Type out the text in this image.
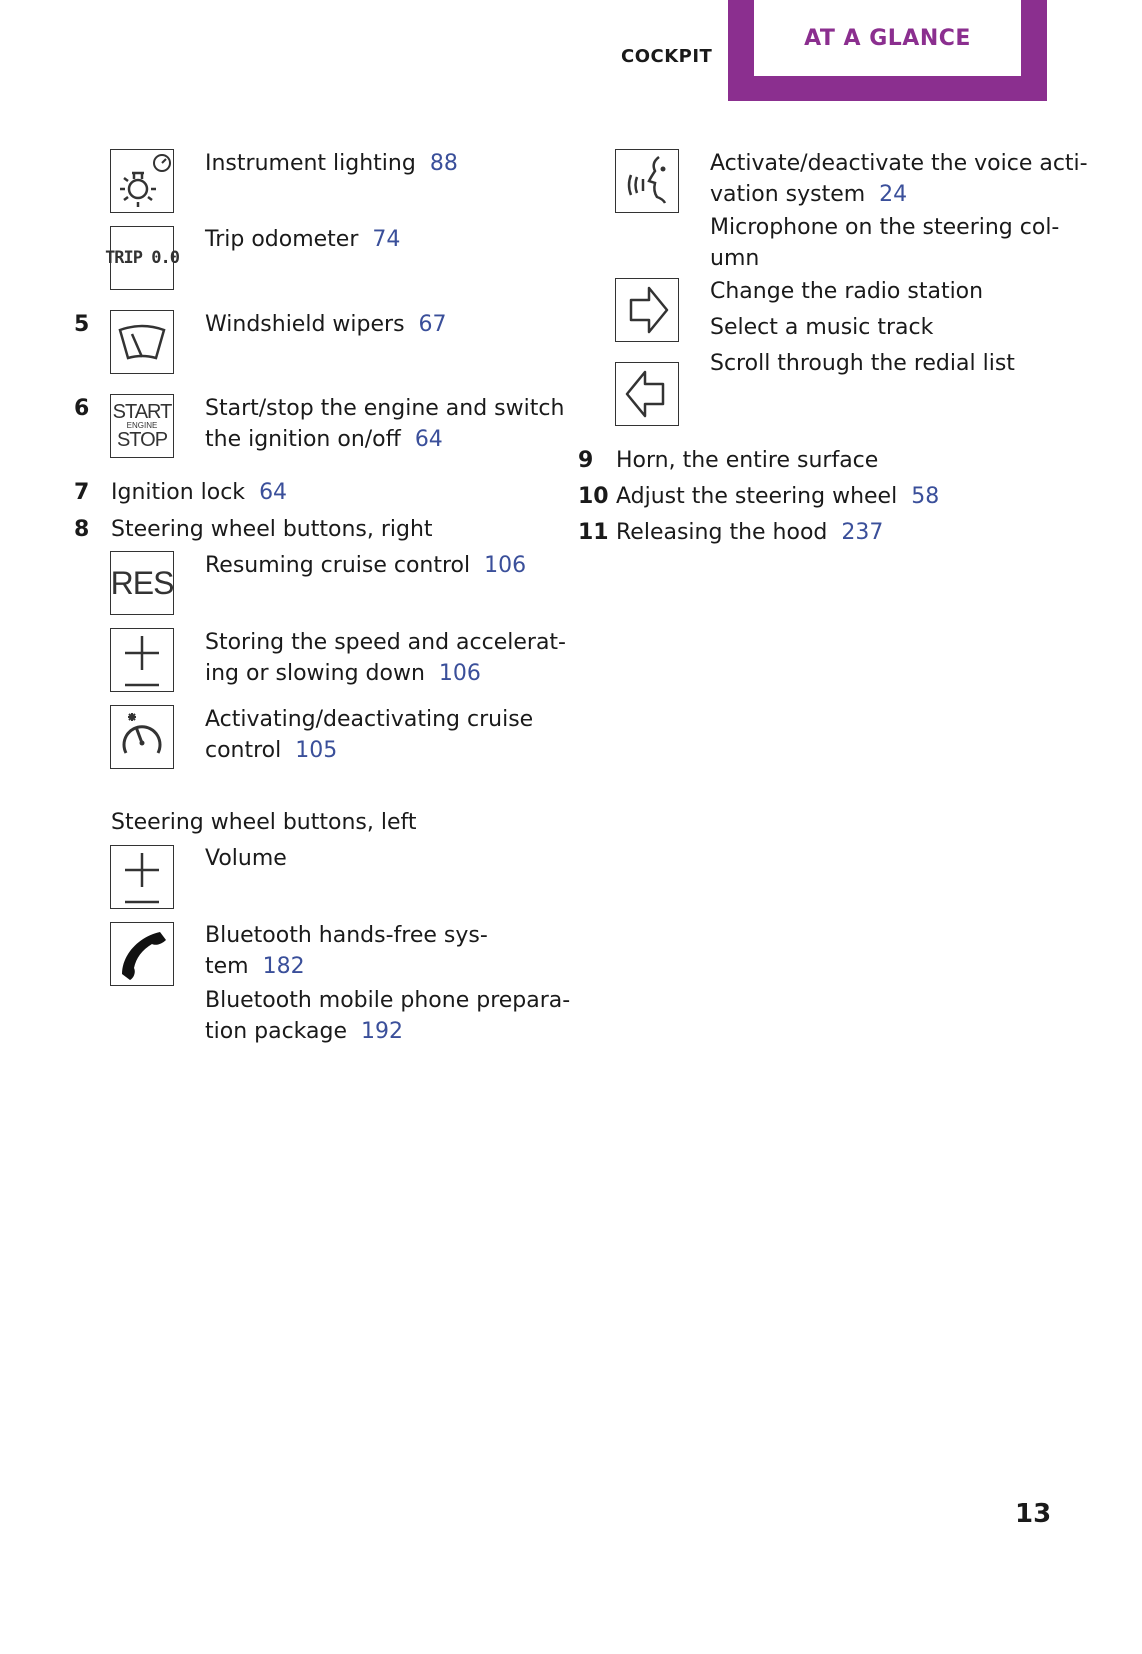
COCKPIT
AT A GLANCE
Instrument lighting 88
TRIP 0.0
Trip odometer 74
5	Windshield wipers 67
6 START
ENGINE
STOP
Start/stop the engine and switch
the ignition on/off 64
7 Ignition lock 64
8 Steering wheel buttons, right
RES Resuming cruise control 106
Storing the speed and accelerat-
ing or slowing down 106
Activating/deactivating cruise
control 105
Steering wheel buttons, left
Volume
Bluetooth hands-free sys-
tem 182
Bluetooth mobile phone prepara-
tion package 192
Activate/deactivate the voice acti-
vation system 24
Microphone on the steering col-
umn
Change the radio station
Select a music track
Scroll through the redial list
9 Horn, the entire surface
10 Adjust the steering wheel 58
11 Releasing the hood 237
13
